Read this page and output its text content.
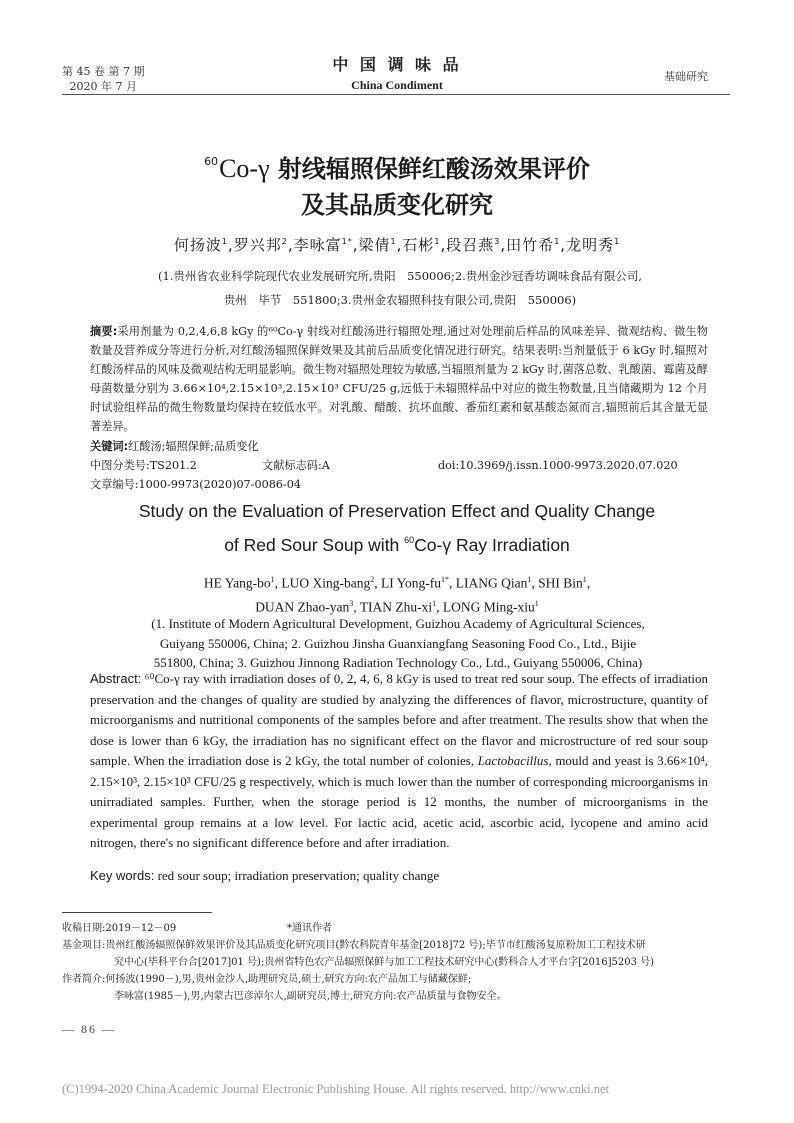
第 45 卷 第 7 期
2020 年 7 月
中 国 调 味 品
China Condiment
基础研究
$^{60}$Co-γ 射线辐照保鲜红酸汤效果评价
及其品质变化研究
何扬波$^1$,罗兴邦$^2$,李咏富$^{1*}$,梁倩$^1$,石彬$^1$,段召燕$^3$,田竹希$^1$,龙明秀$^1$
(1.贵州省农业科学院现代农业发展研究所,贵阳　550006;2.贵州金沙冠香坊调味食品有限公司,
贵州　毕节　551800;3.贵州金农辐照科技有限公司,贵阳　550006)
摘要:采用剂量为 0,2,4,6,8 kGy 的⁶⁰Co-γ 射线对红酸汤进行辐照处理,通过对处理前后样品的风味差异、微观结构、微生物数量及营养成分等进行分析,对红酸汤辐照保鲜效果及其前后品质变化情况进行研究。结果表明:当剂量低于 6 kGy 时,辐照对红酸汤样品的风味及微观结构无明显影响。微生物对辐照处理较为敏感,当辐照剂量为 2 kGy 时,菌落总数、乳酸菌、霉菌及酵母菌数量分别为 3.66×10⁴,2.15×10³,2.15×10³ CFU/25 g,远低于未辐照样品中对应的微生物数量,且当储藏期为 12 个月时试验组样品的微生物数量均保持在较低水平。对乳酸、醋酸、抗坏血酸、番茄红素和氨基酸态氮而言,辐照前后其含量无显著差异。
关键词:红酸汤;辐照保鲜;品质变化
中图分类号:TS201.2	文献标志码:A	doi:10.3969/j.issn.1000-9973.2020.07.020
文章编号:1000-9973(2020)07-0086-04
Study on the Evaluation of Preservation Effect and Quality Change
of Red Sour Soup with $^{60}$Co-γ Ray Irradiation
HE Yang-$bo^1$, LUO Xing-bang$^2$, LI Yong-$fu^{1*}$, LIANG Qian$^1$, SHI Bin$^1$,
DUAN Zhao-yan$^3$, TIAN Zhu-$xi^1$, LONG Ming-xiu$^1$
(1. Institute of Modern Agricultural Development, Guizhou Academy of Agricultural Sciences,
Guiyang 550006, China; 2. Guizhou Jinsha Guanxiangfang Seasoning Food Co., Ltd., Bijie
551800, China; 3. Guizhou Jinnong Radiation Technology Co., Ltd., Guiyang 550006, China)
Abstract: ⁶⁰Co-γ ray with irradiation doses of 0, 2, 4, 6, 8 kGy is used to treat red sour soup. The effects of irradiation preservation and the changes of quality are studied by analyzing the differences of flavor, microstructure, quantity of microorganisms and nutritional components of the samples before and after treatment. The results show that when the dose is lower than 6 kGy, the irradiation has no significant effect on the flavor and microstructure of red sour soup sample. When the irradiation dose is 2 kGy, the total number of colonies, Lactobacillus, mould and yeast is 3.66×10⁴, 2.15×10³, 2.15×10³ CFU/25 g respectively, which is much lower than the number of corresponding microorganisms in unirradiated samples. Further, when the storage period is 12 months, the number of microorganisms in the experimental group remains at a low level. For lactic acid, acetic acid, ascorbic acid, lycopene and amino acid nitrogen, there's no significant difference before and after irradiation.
Key words: red sour soup; irradiation preservation; quality change
收稿日期:2019－12－09	*通讯作者
基金项目:贵州红酸汤辐照保鲜效果评价及其品质变化研究项目(黔农科院青年基金[2018]72 号);毕节市红酸汤复原粉加工工程技术研
究中心(毕科平台合[2017]01 号);贵州省特色农产品辐照保鲜与加工工程技术研究中心(黔科合人才平台字[2016]5203 号)
作者简介:何扬波(1990－),男,贵州金沙人,助理研究员,硕士,研究方向:农产品加工与储藏保鲜;
李咏富(1985－),男,内蒙古巴彦淖尔人,副研究员,博士,研究方向:农产品质量与食物安全。
— 86 —
(C)1994-2020 China Academic Journal Electronic Publishing House. All rights reserved. http://www.cnki.net
